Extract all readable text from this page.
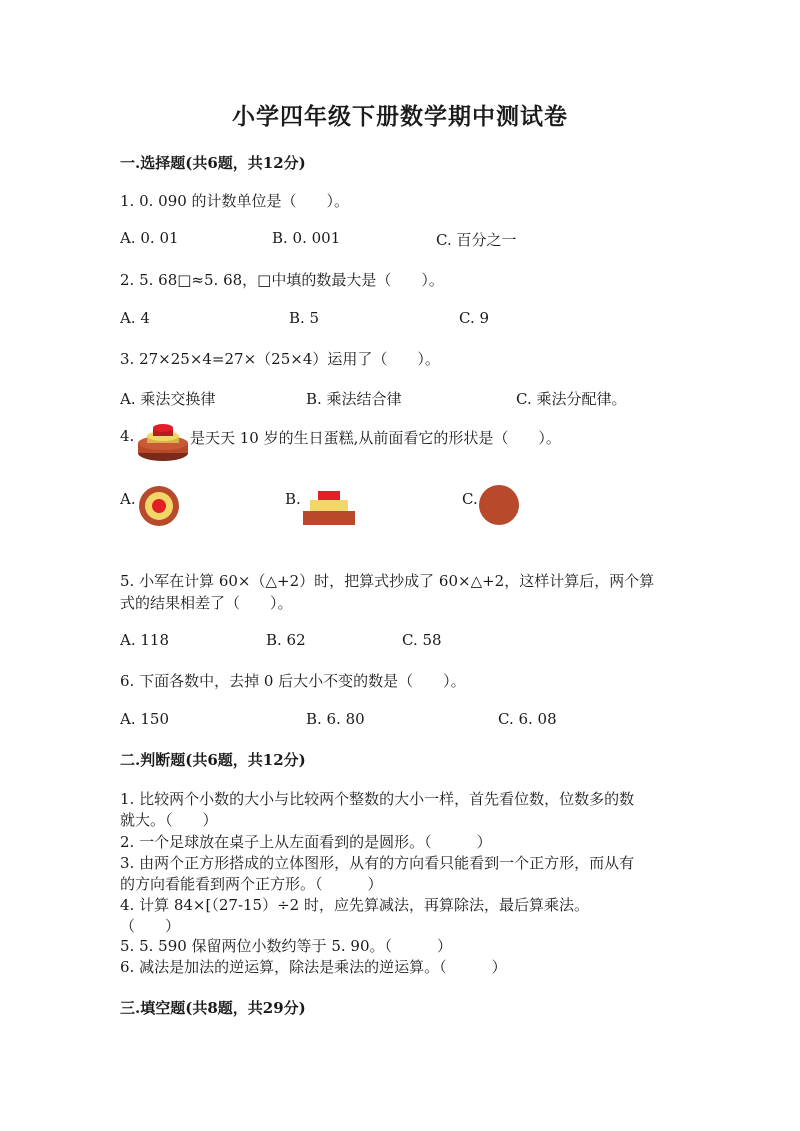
小学四年级下册数学期中测试卷
一.选择题(共6题，共12分)
1. 0. 090 的计数单位是（　　）。
A. 0. 01	B. 0. 001	C. 百分之一
2. 5. 68□≈5. 68，□中填的数最大是（　　）。
A. 4	B. 5	C. 9
3. 27×25×4=27×（25×4）运用了（　　）。
A. 乘法交换律	B. 乘法结合律	C. 乘法分配律。
4.	是天天 10 岁的生日蛋糕,从前面看它的形状是（　　）。
A.	B.	C.
5. 小军在计算 60×（△+2）时，把算式抄成了 60×△+2，这样计算后，两个算
式的结果相差了（　　）。
A. 118	B. 62	C. 58
6. 下面各数中，去掉 0 后大小不变的数是（　　）。
A. 150	B. 6. 80	C. 6. 08
二.判断题(共6题，共12分)
1. 比较两个小数的大小与比较两个整数的大小一样，首先看位数，位数多的数
就大。（　　）
2. 一个足球放在桌子上从左面看到的是圆形。（　　　）
3. 由两个正方形搭成的立体图形，从有的方向看只能看到一个正方形，而从有
的方向看能看到两个正方形。（　　　）
4. 计算 84×[（27-15）÷2 时，应先算减法，再算除法，最后算乘法。
（　　）
5. 5. 590 保留两位小数约等于 5. 90。（　　　）
6. 减法是加法的逆运算，除法是乘法的逆运算。（　　　）
三.填空题(共8题，共29分)
